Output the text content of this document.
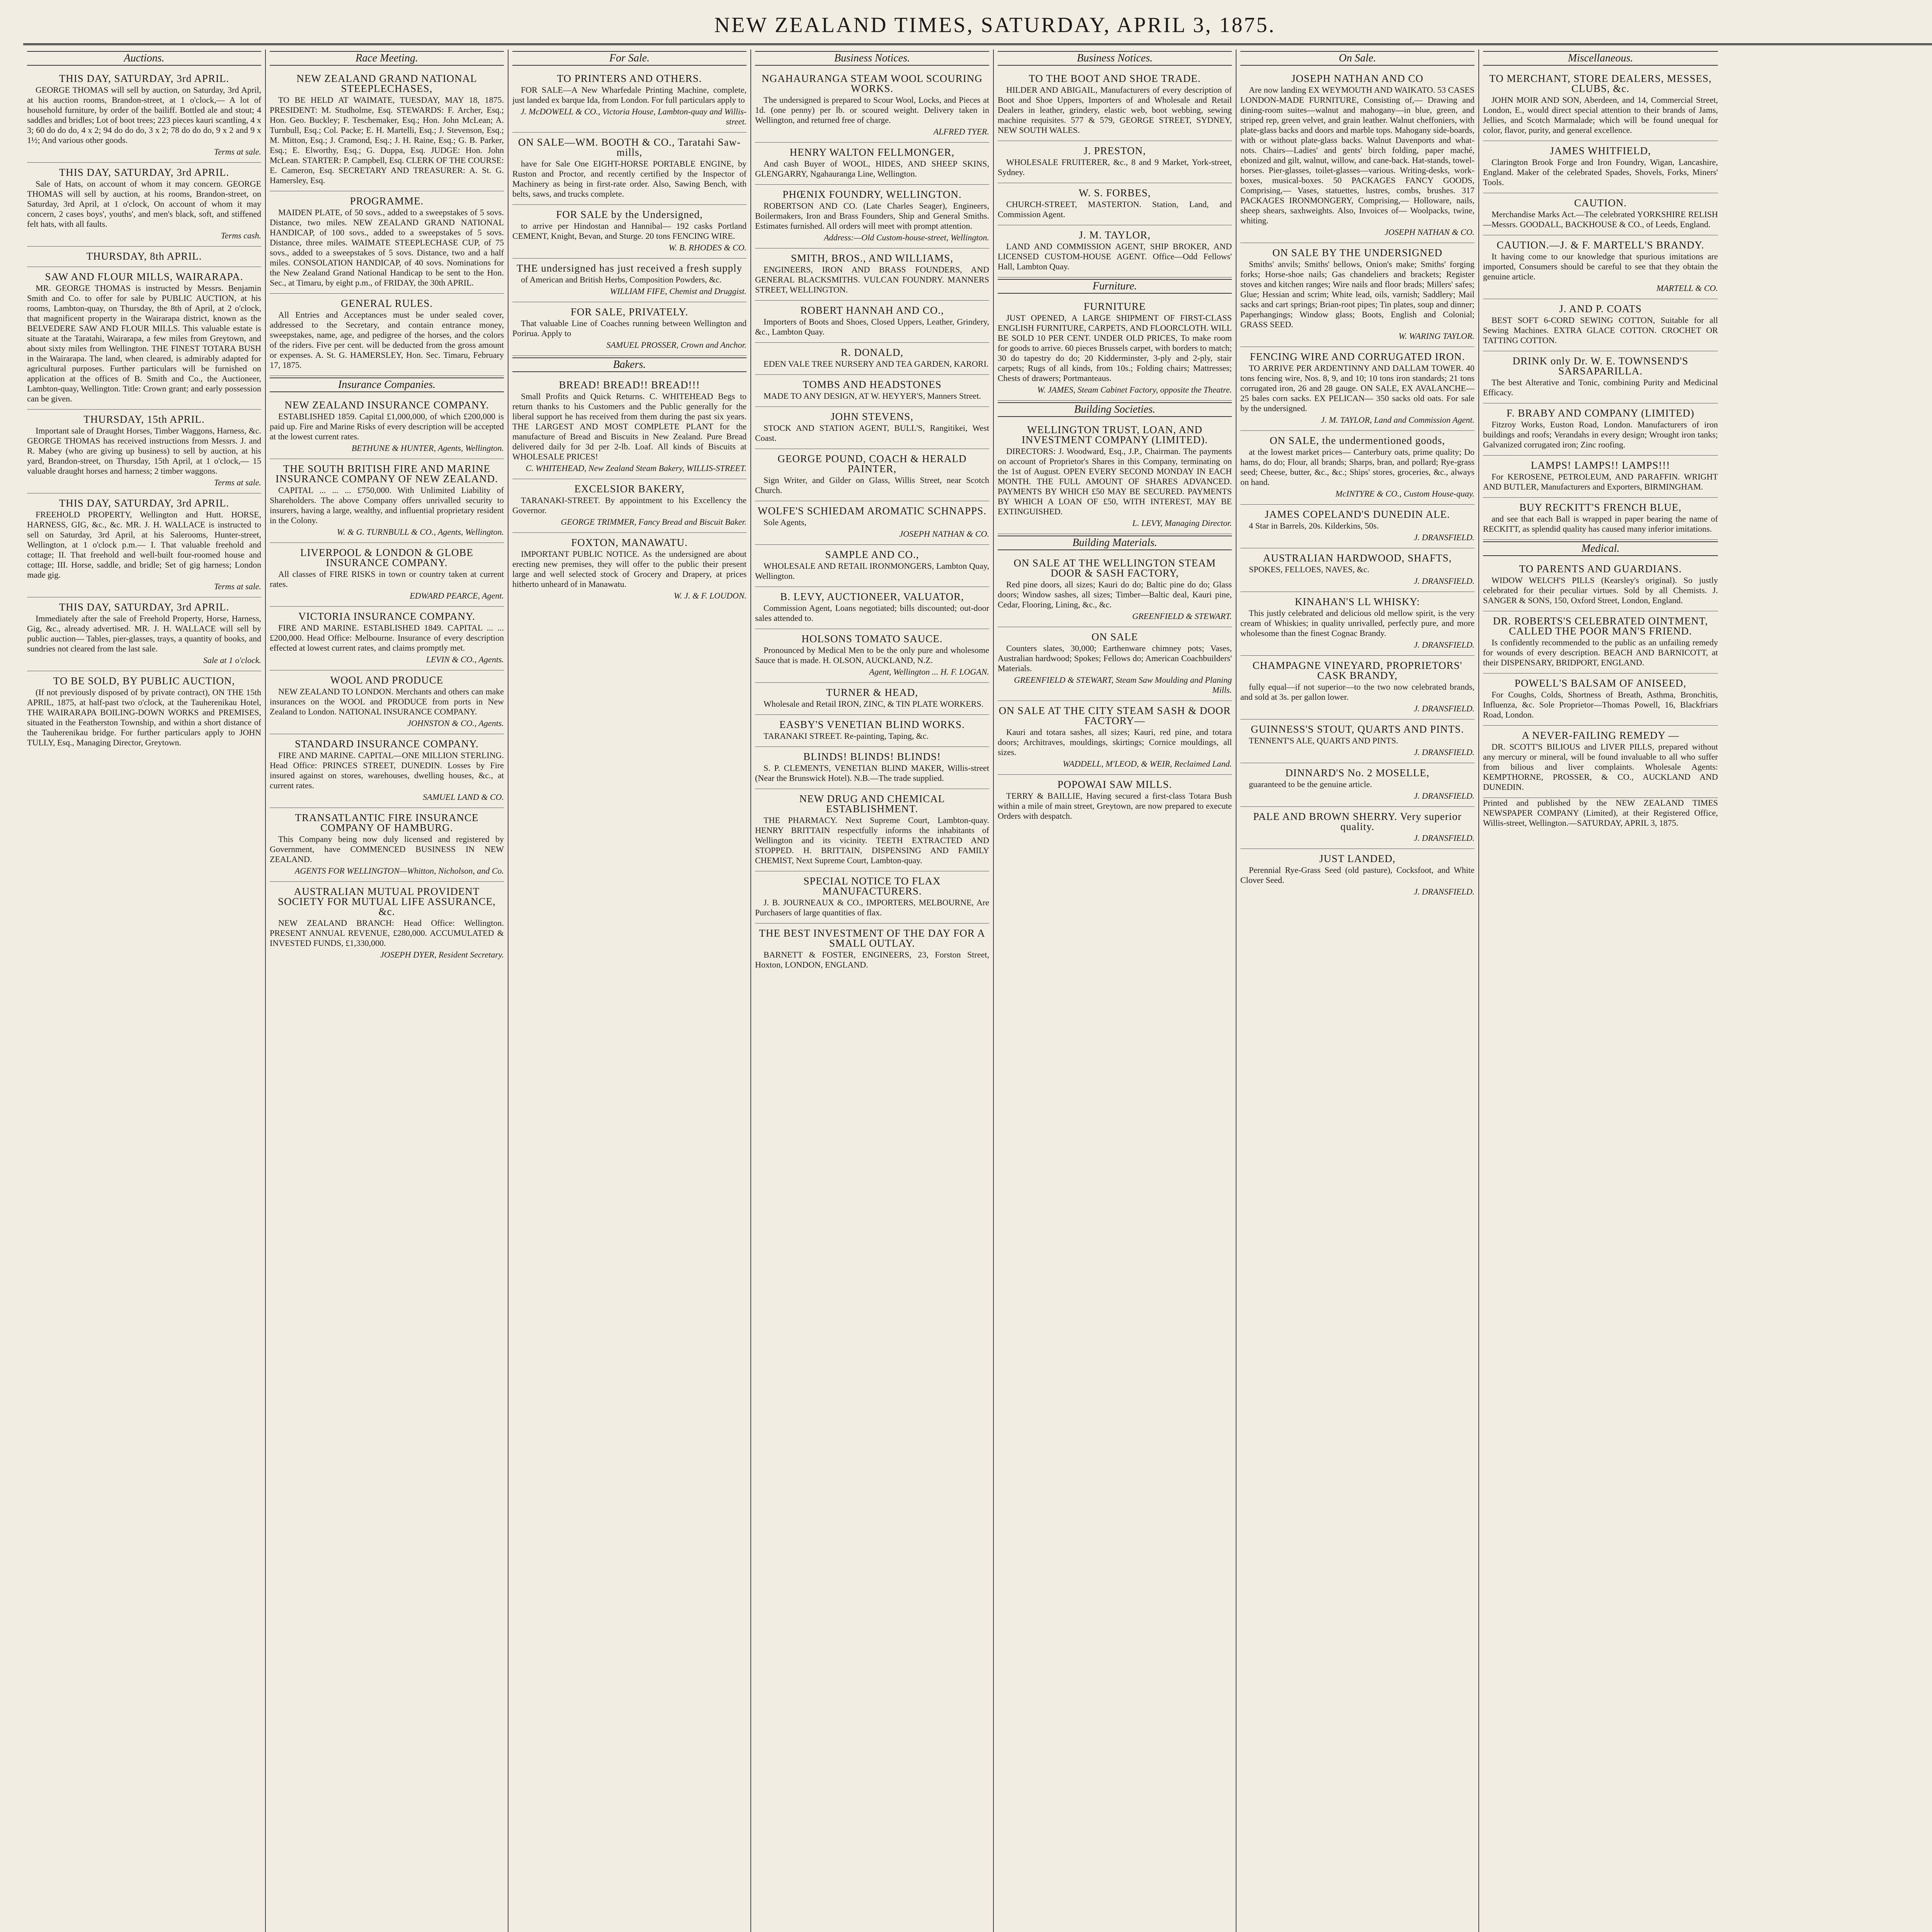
NEW ZEALAND TIMES, SATURDAY, APRIL 3, 1875.
Auctions.
THIS DAY, SATURDAY, 3rd APRIL.

GEORGE THOMAS will sell by auction, on Saturday, 3rd April, at his auction rooms, Brandon-street, at 1 o'clock,— A lot of household furniture, by order of the bailiff. Bottled ale and stout; 4 saddles and bridles; Lot of boot trees; 223 pieces kauri scantling, 4 x 3; 60 do do do, 4 x 2; 94 do do do, 3 x 2; 78 do do do, 9 x 2 and 9 x 1½; And various other goods.

Terms at sale.
THIS DAY, SATURDAY, 3rd APRIL.

Sale of Hats, on account of whom it may concern. GEORGE THOMAS will sell by auction, at his rooms, Brandon-street, on Saturday, 3rd April, at 1 o'clock, On account of whom it may concern, 2 cases boys', youths', and men's black, soft, and stiffened felt hats, with all faults.

Terms cash.
THURSDAY, 8th APRIL.
SAW AND FLOUR MILLS, WAIRARAPA.

MR. GEORGE THOMAS is instructed by Messrs. Benjamin Smith and Co. to offer for sale by PUBLIC AUCTION, at his rooms, Lambton-quay, on Thursday, the 8th of April, at 2 o'clock, that magnificent property in the Wairarapa district, known as the BELVEDERE SAW AND FLOUR MILLS. This valuable estate is situate at the Taratahi, Wairarapa, a few miles from Greytown, and about sixty miles from Wellington. THE FINEST TOTARA BUSH in the Wairarapa. The land, when cleared, is admirably adapted for agricultural purposes. Further particulars will be furnished on application at the offices of B. Smith and Co., the Auctioneer, Lambton-quay, Wellington. Title: Crown grant; and early possession can be given.

THURSDAY, 15th APRIL.

Important sale of Draught Horses, Timber Waggons, Harness, &c. GEORGE THOMAS has received instructions from Messrs. J. and R. Mabey (who are giving up business) to sell by auction, at his yard, Brandon-street, on Thursday, 15th April, at 1 o'clock,— 15 valuable draught horses and harness; 2 timber waggons.

Terms at sale.
THIS DAY, SATURDAY, 3rd APRIL.

FREEHOLD PROPERTY, Wellington and Hutt. HORSE, HARNESS, GIG, &c., &c. MR. J. H. WALLACE is instructed to sell on Saturday, 3rd April, at his Salerooms, Hunter-street, Wellington, at 1 o'clock p.m.— I. That valuable freehold and cottage; II. That freehold and well-built four-roomed house and cottage; III. Horse, saddle, and bridle; Set of gig harness; London made gig.

Terms at sale.
THIS DAY, SATURDAY, 3rd APRIL.

Immediately after the sale of Freehold Property, Horse, Harness, Gig, &c., already advertised. MR. J. H. WALLACE will sell by public auction— Tables, pier-glasses, trays, a quantity of books, and sundries not cleared from the last sale.

Sale at 1 o'clock.
TO BE SOLD, BY PUBLIC AUCTION,

(If not previously disposed of by private contract), ON THE 15th APRIL, 1875, at half-past two o'clock, at the Tauherenikau Hotel, THE WAIRARAPA BOILING-DOWN WORKS and PREMISES, situated in the Featherston Township, and within a short distance of the Tauherenikau bridge. For further particulars apply to JOHN TULLY, Esq., Managing Director, Greytown.

Race Meeting.
NEW ZEALAND GRAND NATIONAL STEEPLECHASES,

TO BE HELD AT WAIMATE, TUESDAY, MAY 18, 1875. PRESIDENT: M. Studholme, Esq. STEWARDS: F. Archer, Esq.; Hon. Geo. Buckley; F. Teschemaker, Esq.; Hon. John McLean; A. Turnbull, Esq.; Col. Packe; E. H. Martelli, Esq.; J. Stevenson, Esq.; M. Mitton, Esq.; J. Cramond, Esq.; J. H. Raine, Esq.; G. B. Parker, Esq.; E. Elworthy, Esq.; G. Duppa, Esq. JUDGE: Hon. John McLean. STARTER: P. Campbell, Esq. CLERK OF THE COURSE: E. Cameron, Esq. SECRETARY AND TREASURER: A. St. G. Hamersley, Esq.

PROGRAMME.

MAIDEN PLATE, of 50 sovs., added to a sweepstakes of 5 sovs. Distance, two miles. NEW ZEALAND GRAND NATIONAL HANDICAP, of 100 sovs., added to a sweepstakes of 5 sovs. Distance, three miles. WAIMATE STEEPLECHASE CUP, of 75 sovs., added to a sweepstakes of 5 sovs. Distance, two and a half miles. CONSOLATION HANDICAP, of 40 sovs. Nominations for the New Zealand Grand National Handicap to be sent to the Hon. Sec., at Timaru, by eight p.m., of FRIDAY, the 30th APRIL.

GENERAL RULES.

All Entries and Acceptances must be under sealed cover, addressed to the Secretary, and contain entrance money, sweepstakes, name, age, and pedigree of the horses, and the colors of the riders. Five per cent. will be deducted from the gross amount or expenses. A. St. G. HAMERSLEY, Hon. Sec. Timaru, February 17, 1875.

Insurance Companies.
NEW ZEALAND INSURANCE COMPANY.

ESTABLISHED 1859. Capital £1,000,000, of which £200,000 is paid up. Fire and Marine Risks of every description will be accepted at the lowest current rates.

BETHUNE & HUNTER, Agents, Wellington.
THE SOUTH BRITISH FIRE AND MARINE INSURANCE COMPANY OF NEW ZEALAND.

CAPITAL ... ... ... £750,000. With Unlimited Liability of Shareholders. The above Company offers unrivalled security to insurers, having a large, wealthy, and influential proprietary resident in the Colony.

W. & G. TURNBULL & CO., Agents, Wellington.
LIVERPOOL & LONDON & GLOBE INSURANCE COMPANY.

All classes of FIRE RISKS in town or country taken at current rates.

EDWARD PEARCE, Agent.
VICTORIA INSURANCE COMPANY.

FIRE AND MARINE. ESTABLISHED 1849. CAPITAL ... ... £200,000. Head Office: Melbourne. Insurance of every description effected at lowest current rates, and claims promptly met.

LEVIN & CO., Agents.
WOOL AND PRODUCE

NEW ZEALAND TO LONDON. Merchants and others can make insurances on the WOOL and PRODUCE from ports in New Zealand to London. NATIONAL INSURANCE COMPANY.

JOHNSTON & CO., Agents.
STANDARD INSURANCE COMPANY.

FIRE AND MARINE. CAPITAL—ONE MILLION STERLING. Head Office: PRINCES STREET, DUNEDIN. Losses by Fire insured against on stores, warehouses, dwelling houses, &c., at current rates.

SAMUEL LAND & CO.
TRANSATLANTIC FIRE INSURANCE COMPANY OF HAMBURG.

This Company being now duly licensed and registered by Government, have COMMENCED BUSINESS IN NEW ZEALAND.

AGENTS FOR WELLINGTON—Whitton, Nicholson, and Co.
AUSTRALIAN MUTUAL PROVIDENT SOCIETY FOR MUTUAL LIFE ASSURANCE, &c.

NEW ZEALAND BRANCH: Head Office: Wellington. PRESENT ANNUAL REVENUE, £280,000. ACCUMULATED & INVESTED FUNDS, £1,330,000.

JOSEPH DYER, Resident Secretary.
For Sale.
TO PRINTERS AND OTHERS.

FOR SALE—A New Wharfedale Printing Machine, complete, just landed ex barque Ida, from London. For full particulars apply to

J. McDOWELL & CO., Victoria House, Lambton-quay and Willis-street.
ON SALE—WM. BOOTH & CO., Taratahi Saw-mills,

have for Sale One EIGHT-HORSE PORTABLE ENGINE, by Ruston and Proctor, and recently certified by the Inspector of Machinery as being in first-rate order. Also, Sawing Bench, with belts, saws, and trucks complete.

FOR SALE by the Undersigned,

to arrive per Hindostan and Hannibal— 192 casks Portland CEMENT, Knight, Bevan, and Sturge. 20 tons FENCING WIRE.

W. B. RHODES & CO.
THE undersigned has just received a fresh supply

of American and British Herbs, Composition Powders, &c.

WILLIAM FIFE, Chemist and Druggist.
FOR SALE, PRIVATELY.

That valuable Line of Coaches running between Wellington and Porirua. Apply to

SAMUEL PROSSER, Crown and Anchor.
Bakers.
BREAD! BREAD!! BREAD!!!

Small Profits and Quick Returns. C. WHITEHEAD Begs to return thanks to his Customers and the Public generally for the liberal support he has received from them during the past six years. THE LARGEST AND MOST COMPLETE PLANT for the manufacture of Bread and Biscuits in New Zealand. Pure Bread delivered daily for 3d per 2-lb. Loaf. All kinds of Biscuits at WHOLESALE PRICES!

C. WHITEHEAD, New Zealand Steam Bakery, WILLIS-STREET.
EXCELSIOR BAKERY,

TARANAKI-STREET. By appointment to his Excellency the Governor.

GEORGE TRIMMER, Fancy Bread and Biscuit Baker.
FOXTON, MANAWATU.

IMPORTANT PUBLIC NOTICE. As the undersigned are about erecting new premises, they will offer to the public their present large and well selected stock of Grocery and Drapery, at prices hitherto unheard of in Manawatu.

W. J. & F. LOUDON.
Business Notices.
NGAHAURANGA STEAM WOOL SCOURING WORKS.

The undersigned is prepared to Scour Wool, Locks, and Pieces at 1d. (one penny) per lb. or scoured weight. Delivery taken in Wellington, and returned free of charge.

ALFRED TYER.
HENRY WALTON FELLMONGER,

And cash Buyer of WOOL, HIDES, AND SHEEP SKINS, GLENGARRY, Ngahauranga Line, Wellington.

PHŒNIX FOUNDRY, WELLINGTON.

ROBERTSON AND CO. (Late Charles Seager), Engineers, Boilermakers, Iron and Brass Founders, Ship and General Smiths. Estimates furnished. All orders will meet with prompt attention.

Address:—Old Custom-house-street, Wellington.
SMITH, BROS., AND WILLIAMS,

ENGINEERS, IRON AND BRASS FOUNDERS, AND GENERAL BLACKSMITHS. VULCAN FOUNDRY. MANNERS STREET, WELLINGTON.

ROBERT HANNAH AND CO.,

Importers of Boots and Shoes, Closed Uppers, Leather, Grindery, &c., Lambton Quay.

R. DONALD,

EDEN VALE TREE NURSERY AND TEA GARDEN, KARORI.

TOMBS AND HEADSTONES

MADE TO ANY DESIGN, AT W. HEYYER'S, Manners Street.

JOHN STEVENS,

STOCK AND STATION AGENT, BULL'S, Rangitikei, West Coast.

GEORGE POUND, COACH & HERALD PAINTER,

Sign Writer, and Gilder on Glass, Willis Street, near Scotch Church.

WOLFE'S SCHIEDAM AROMATIC SCHNAPPS.

Sole Agents,

JOSEPH NATHAN & CO.
SAMPLE AND CO.,

WHOLESALE AND RETAIL IRONMONGERS, Lambton Quay, Wellington.

B. LEVY, AUCTIONEER, VALUATOR,

Commission Agent, Loans negotiated; bills discounted; out-door sales attended to.

HOLSONS TOMATO SAUCE.

Pronounced by Medical Men to be the only pure and wholesome Sauce that is made. H. OLSON, AUCKLAND, N.Z.

Agent, Wellington ... H. F. LOGAN.
TURNER & HEAD,

Wholesale and Retail IRON, ZINC, & TIN PLATE WORKERS.

EASBY'S VENETIAN BLIND WORKS.

TARANAKI STREET. Re-painting, Taping, &c.

BLINDS! BLINDS! BLINDS!

S. P. CLEMENTS, VENETIAN BLIND MAKER, Willis-street (Near the Brunswick Hotel). N.B.—The trade supplied.

NEW DRUG AND CHEMICAL ESTABLISHMENT.

THE PHARMACY. Next Supreme Court, Lambton-quay. HENRY BRITTAIN respectfully informs the inhabitants of Wellington and its vicinity. TEETH EXTRACTED AND STOPPED. H. BRITTAIN, DISPENSING AND FAMILY CHEMIST, Next Supreme Court, Lambton-quay.

SPECIAL NOTICE TO FLAX MANUFACTURERS.

J. B. JOURNEAUX & CO., IMPORTERS, MELBOURNE, Are Purchasers of large quantities of flax.

THE BEST INVESTMENT OF THE DAY FOR A SMALL OUTLAY.

BARNETT & FOSTER, ENGINEERS, 23, Forston Street, Hoxton, LONDON, ENGLAND.

Business Notices.
TO THE BOOT AND SHOE TRADE.

HILDER AND ABIGAIL, Manufacturers of every description of Boot and Shoe Uppers, Importers of and Wholesale and Retail Dealers in leather, grindery, elastic web, boot webbing, sewing machine requisites. 577 & 579, GEORGE STREET, SYDNEY, NEW SOUTH WALES.

J. PRESTON,

WHOLESALE FRUITERER, &c., 8 and 9 Market, York-street, Sydney.

W. S. FORBES,

CHURCH-STREET, MASTERTON. Station, Land, and Commission Agent.

J. M. TAYLOR,

LAND AND COMMISSION AGENT, SHIP BROKER, AND LICENSED CUSTOM-HOUSE AGENT. Office—Odd Fellows' Hall, Lambton Quay.

Furniture.
FURNITURE

JUST OPENED, A LARGE SHIPMENT OF FIRST-CLASS ENGLISH FURNITURE, CARPETS, AND FLOORCLOTH. WILL BE SOLD 10 PER CENT. UNDER OLD PRICES, To make room for goods to arrive. 60 pieces Brussels carpet, with borders to match; 30 do tapestry do do; 20 Kidderminster, 3-ply and 2-ply, stair carpets; Rugs of all kinds, from 10s.; Folding chairs; Mattresses; Chests of drawers; Portmanteaus.

W. JAMES, Steam Cabinet Factory, opposite the Theatre.
Building Societies.
WELLINGTON TRUST, LOAN, AND INVESTMENT COMPANY (LIMITED).

DIRECTORS: J. Woodward, Esq., J.P., Chairman. The payments on account of Proprietor's Shares in this Company, terminating on the 1st of August. OPEN EVERY SECOND MONDAY IN EACH MONTH. THE FULL AMOUNT OF SHARES ADVANCED. PAYMENTS BY WHICH £50 MAY BE SECURED. PAYMENTS BY WHICH A LOAN OF £50, WITH INTEREST, MAY BE EXTINGUISHED.

L. LEVY, Managing Director.
Building Materials.
ON SALE AT THE WELLINGTON STEAM DOOR & SASH FACTORY,

Red pine doors, all sizes; Kauri do do; Baltic pine do do; Glass doors; Window sashes, all sizes; Timber—Baltic deal, Kauri pine, Cedar, Flooring, Lining, &c., &c.

GREENFIELD & STEWART.
ON SALE

Counters slates, 30,000; Earthenware chimney pots; Vases, Australian hardwood; Spokes; Fellows do; American Coachbuilders' Materials.

GREENFIELD & STEWART, Steam Saw Moulding and Planing Mills.
ON SALE AT THE CITY STEAM SASH & DOOR FACTORY—

Kauri and totara sashes, all sizes; Kauri, red pine, and totara doors; Architraves, mouldings, skirtings; Cornice mouldings, all sizes.

WADDELL, M'LEOD, & WEIR, Reclaimed Land.
POPOWAI SAW MILLS.

TERRY & BAILLIE, Having secured a first-class Totara Bush within a mile of main street, Greytown, are now prepared to execute Orders with despatch.

On Sale.
JOSEPH NATHAN AND CO

Are now landing EX WEYMOUTH AND WAIKATO. 53 CASES LONDON-MADE FURNITURE, Consisting of,— Drawing and dining-room suites—walnut and mahogany—in blue, green, and striped rep, green velvet, and grain leather. Walnut cheffoniers, with plate-glass backs and doors and marble tops. Mahogany side-boards, with or without plate-glass backs. Walnut Davenports and what-nots. Chairs—Ladies' and gents' birch folding, paper maché, ebonized and gilt, walnut, willow, and cane-back. Hat-stands, towel-horses. Pier-glasses, toilet-glasses—various. Writing-desks, work-boxes, musical-boxes. 50 PACKAGES FANCY GOODS, Comprising,— Vases, statuettes, lustres, combs, brushes. 317 PACKAGES IRONMONGERY, Comprising,— Holloware, nails, sheep shears, saxhweights. Also, Invoices of— Woolpacks, twine, whiting.

JOSEPH NATHAN & CO.
ON SALE BY THE UNDERSIGNED

Smiths' anvils; Smiths' bellows, Onion's make; Smiths' forging forks; Horse-shoe nails; Gas chandeliers and brackets; Register stoves and kitchen ranges; Wire nails and floor brads; Millers' safes; Glue; Hessian and scrim; White lead, oils, varnish; Saddlery; Mail sacks and cart springs; Brian-root pipes; Tin plates, soup and dinner; Paperhangings; Window glass; Boots, English and Colonial; GRASS SEED.

W. WARING TAYLOR.
FENCING WIRE AND CORRUGATED IRON.

TO ARRIVE PER ARDENTINNY AND DALLAM TOWER. 40 tons fencing wire, Nos. 8, 9, and 10; 10 tons iron standards; 21 tons corrugated iron, 26 and 28 gauge. ON SALE, EX AVALANCHE— 25 bales corn sacks. EX PELICAN— 350 sacks old oats. For sale by the undersigned.

J. M. TAYLOR, Land and Commission Agent.
ON SALE, the undermentioned goods,

at the lowest market prices— Canterbury oats, prime quality; Do hams, do do; Flour, all brands; Sharps, bran, and pollard; Rye-grass seed; Cheese, butter, &c., &c.; Ships' stores, groceries, &c., always on hand.

McINTYRE & CO., Custom House-quay.
JAMES COPELAND'S DUNEDIN ALE.

4 Star in Barrels, 20s. Kilderkins, 50s.

J. DRANSFIELD.
AUSTRALIAN HARDWOOD, SHAFTS,

SPOKES, FELLOES, NAVES, &c.

J. DRANSFIELD.
KINAHAN'S LL WHISKY:

This justly celebrated and delicious old mellow spirit, is the very cream of Whiskies; in quality unrivalled, perfectly pure, and more wholesome than the finest Cognac Brandy.

J. DRANSFIELD.
CHAMPAGNE VINEYARD, PROPRIETORS' CASK BRANDY,

fully equal—if not superior—to the two now celebrated brands, and sold at 3s. per gallon lower.

J. DRANSFIELD.
GUINNESS'S STOUT, QUARTS AND PINTS.

TENNENT'S ALE, QUARTS AND PINTS.

J. DRANSFIELD.
DINNARD'S No. 2 MOSELLE,

guaranteed to be the genuine article.

J. DRANSFIELD.
PALE AND BROWN SHERRY. Very superior quality.
J. DRANSFIELD.
JUST LANDED,

Perennial Rye-Grass Seed (old pasture), Cocksfoot, and White Clover Seed.

J. DRANSFIELD.
Miscellaneous.
TO MERCHANT, STORE DEALERS, MESSES, CLUBS, &c.

JOHN MOIR AND SON, Aberdeen, and 14, Commercial Street, London, E., would direct special attention to their brands of Jams, Jellies, and Scotch Marmalade; which will be found unequal for color, flavor, purity, and general excellence.

JAMES WHITFIELD,

Clarington Brook Forge and Iron Foundry, Wigan, Lancashire, England. Maker of the celebrated Spades, Shovels, Forks, Miners' Tools.

CAUTION.

Merchandise Marks Act.—The celebrated YORKSHIRE RELISH—Messrs. GOODALL, BACKHOUSE & CO., of Leeds, England.

CAUTION.—J. & F. MARTELL'S BRANDY.

It having come to our knowledge that spurious imitations are imported, Consumers should be careful to see that they obtain the genuine article.

MARTELL & CO.
J. AND P. COATS

BEST SOFT 6-CORD SEWING COTTON, Suitable for all Sewing Machines. EXTRA GLACE COTTON. CROCHET OR TATTING COTTON.

DRINK only Dr. W. E. TOWNSEND'S SARSAPARILLA.

The best Alterative and Tonic, combining Purity and Medicinal Efficacy.

F. BRABY AND COMPANY (LIMITED)

Fitzroy Works, Euston Road, London. Manufacturers of iron buildings and roofs; Verandahs in every design; Wrought iron tanks; Galvanized corrugated iron; Zinc roofing.

LAMPS! LAMPS!! LAMPS!!!

For KEROSENE, PETROLEUM, AND PARAFFIN. WRIGHT AND BUTLER, Manufacturers and Exporters, BIRMINGHAM.

BUY RECKITT'S FRENCH BLUE,

and see that each Ball is wrapped in paper bearing the name of RECKITT, as splendid quality has caused many inferior imitations.

Medical.
TO PARENTS AND GUARDIANS.

WIDOW WELCH'S PILLS (Kearsley's original). So justly celebrated for their peculiar virtues. Sold by all Chemists. J. SANGER & SONS, 150, Oxford Street, London, England.

DR. ROBERTS'S CELEBRATED OINTMENT, CALLED THE POOR MAN'S FRIEND.

Is confidently recommended to the public as an unfailing remedy for wounds of every description. BEACH AND BARNICOTT, at their DISPENSARY, BRIDPORT, ENGLAND.

POWELL'S BALSAM OF ANISEED,

For Coughs, Colds, Shortness of Breath, Asthma, Bronchitis, Influenza, &c. Sole Proprietor—Thomas Powell, 16, Blackfriars Road, London.

A NEVER-FAILING REMEDY —

DR. SCOTT'S BILIOUS and LIVER PILLS, prepared without any mercury or mineral, will be found invaluable to all who suffer from bilious and liver complaints. Wholesale Agents: KEMPTHORNE, PROSSER, & CO., AUCKLAND AND DUNEDIN.

Printed and published by the NEW ZEALAND TIMES NEWSPAPER COMPANY (Limited), at their Registered Office, Willis-street, Wellington.—SATURDAY, APRIL 3, 1875.
